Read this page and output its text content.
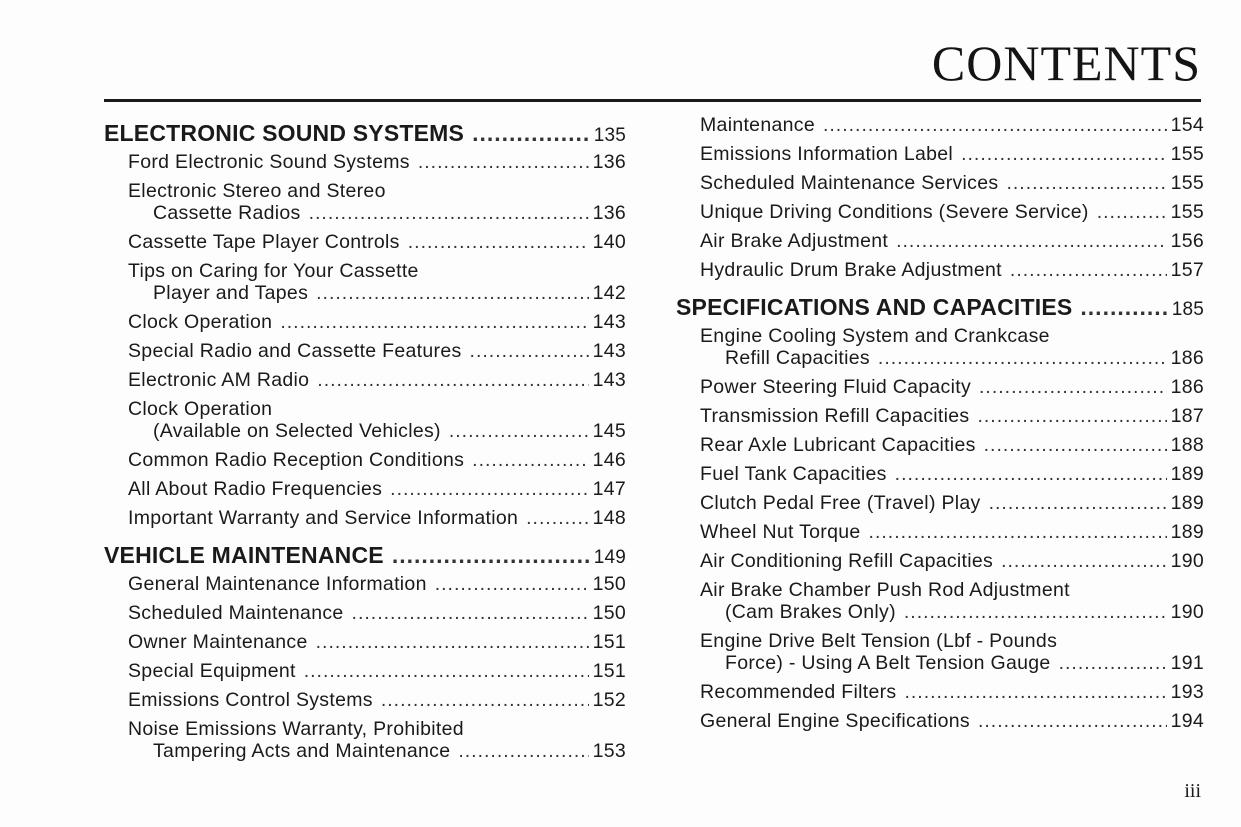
CONTENTS
ELECTRONIC SOUND SYSTEMS .....	135
Ford Electronic Sound Systems .....	136
Electronic Stereo and Stereo
Cassette Radios .....	136
Cassette Tape Player Controls .....	140
Tips on Caring for Your Cassette
Player and Tapes .....	142
Clock Operation .....	143
Special Radio and Cassette Features .....	143
Electronic AM Radio .....	143
Clock Operation
(Available on Selected Vehicles) .....	145
Common Radio Reception Conditions .....	146
All About Radio Frequencies .....	147
Important Warranty and Service Information .....	148
VEHICLE MAINTENANCE .....	149
General Maintenance Information .....	150
Scheduled Maintenance .....	150
Owner Maintenance .....	151
Special Equipment .....	151
Emissions Control Systems .....	152
Noise Emissions Warranty, Prohibited
Tampering Acts and Maintenance .....	153
Maintenance .....	154
Emissions Information Label .....	155
Scheduled Maintenance Services .....	155
Unique Driving Conditions (Severe Service) .....	155
Air Brake Adjustment .....	156
Hydraulic Drum Brake Adjustment .....	157
SPECIFICATIONS AND CAPACITIES .....	185
Engine Cooling System and Crankcase
Refill Capacities .....	186
Power Steering Fluid Capacity .....	186
Transmission Refill Capacities .....	187
Rear Axle Lubricant Capacities .....	188
Fuel Tank Capacities .....	189
Clutch Pedal Free (Travel) Play .....	189
Wheel Nut Torque .....	189
Air Conditioning Refill Capacities .....	190
Air Brake Chamber Push Rod Adjustment
(Cam Brakes Only) .....	190
Engine Drive Belt Tension (Lbf - Pounds
Force) - Using A Belt Tension Gauge .....	191
Recommended Filters .....	193
General Engine Specifications .....	194
iii
